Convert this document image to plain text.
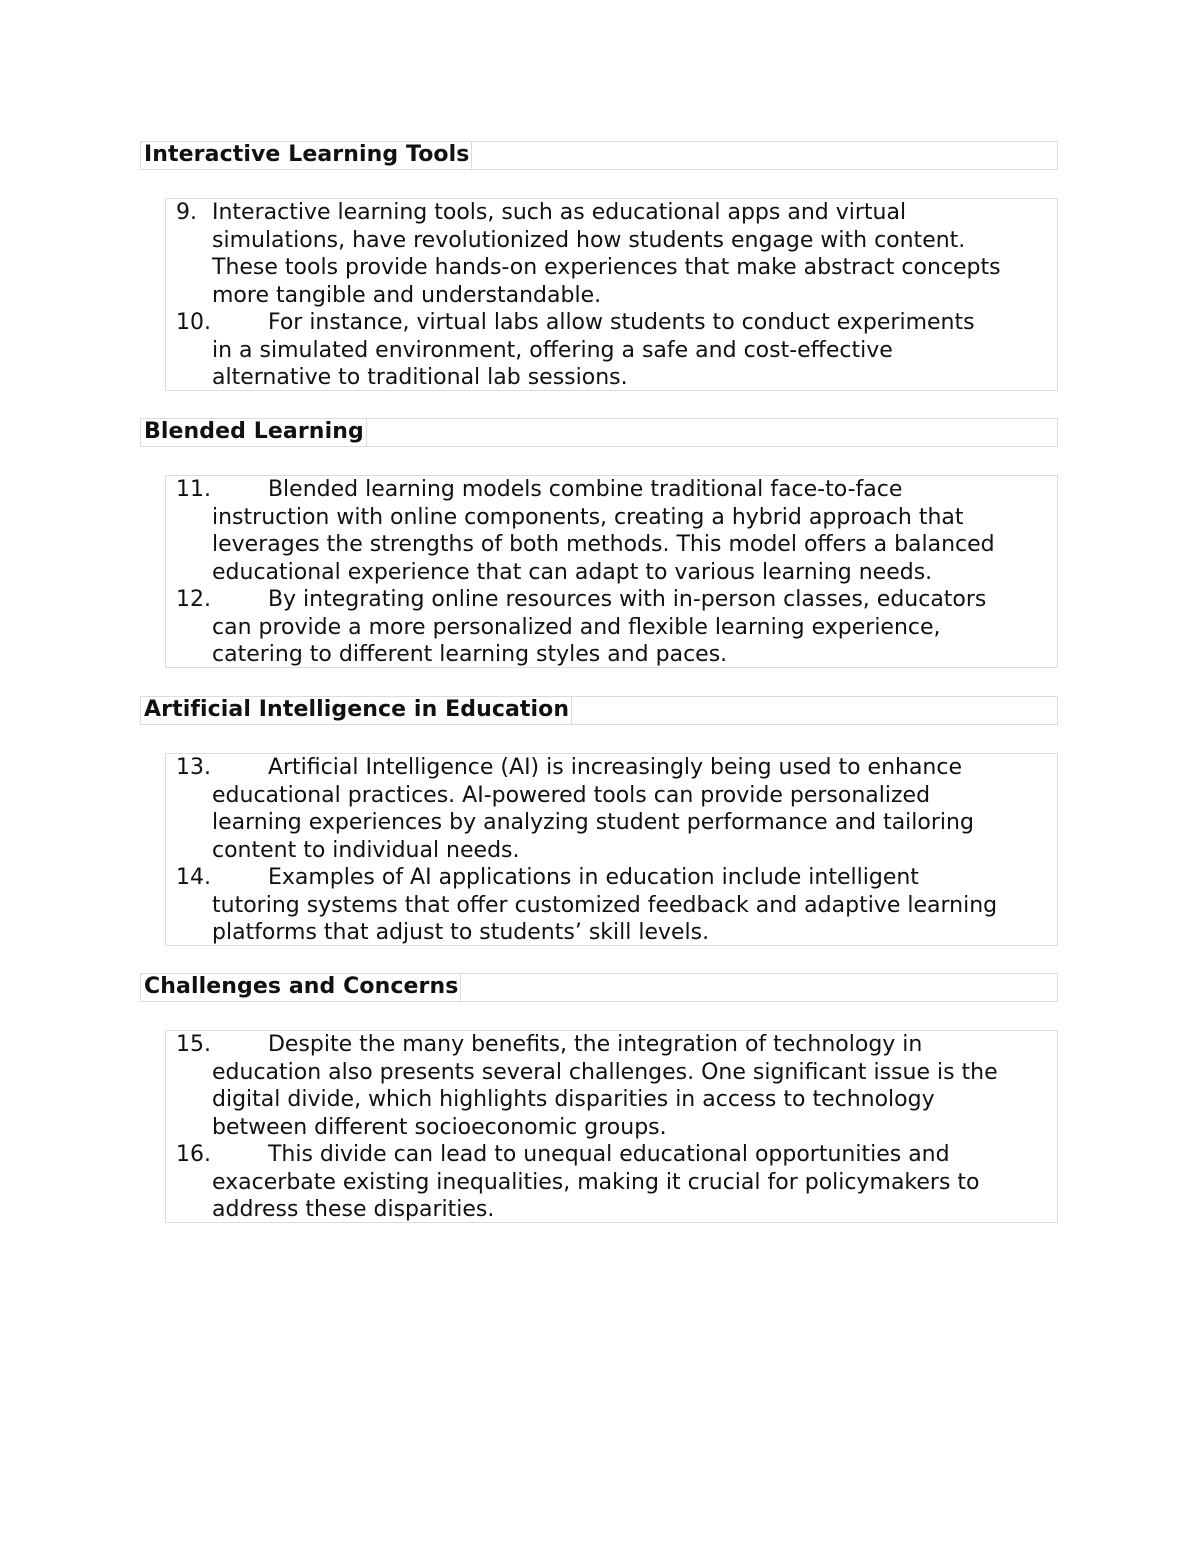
Interactive Learning Tools
9. Interactive learning tools, such as educational apps and virtual
simulations, have revolutionized how students engage with content.
These tools provide hands-on experiences that make abstract concepts
more tangible and understandable.
10. For instance, virtual labs allow students to conduct experiments
in a simulated environment, offering a safe and cost-effective
alternative to traditional lab sessions.
Blended Learning
11. Blended learning models combine traditional face-to-face
instruction with online components, creating a hybrid approach that
leverages the strengths of both methods. This model offers a balanced
educational experience that can adapt to various learning needs.
12. By integrating online resources with in-person classes, educators
can provide a more personalized and flexible learning experience,
catering to different learning styles and paces.
Artificial Intelligence in Education
13. Artificial Intelligence (AI) is increasingly being used to enhance
educational practices. AI-powered tools can provide personalized
learning experiences by analyzing student performance and tailoring
content to individual needs.
14. Examples of AI applications in education include intelligent
tutoring systems that offer customized feedback and adaptive learning
platforms that adjust to students’ skill levels.
Challenges and Concerns
15. Despite the many benefits, the integration of technology in
education also presents several challenges. One significant issue is the
digital divide, which highlights disparities in access to technology
between different socioeconomic groups.
16. This divide can lead to unequal educational opportunities and
exacerbate existing inequalities, making it crucial for policymakers to
address these disparities.
